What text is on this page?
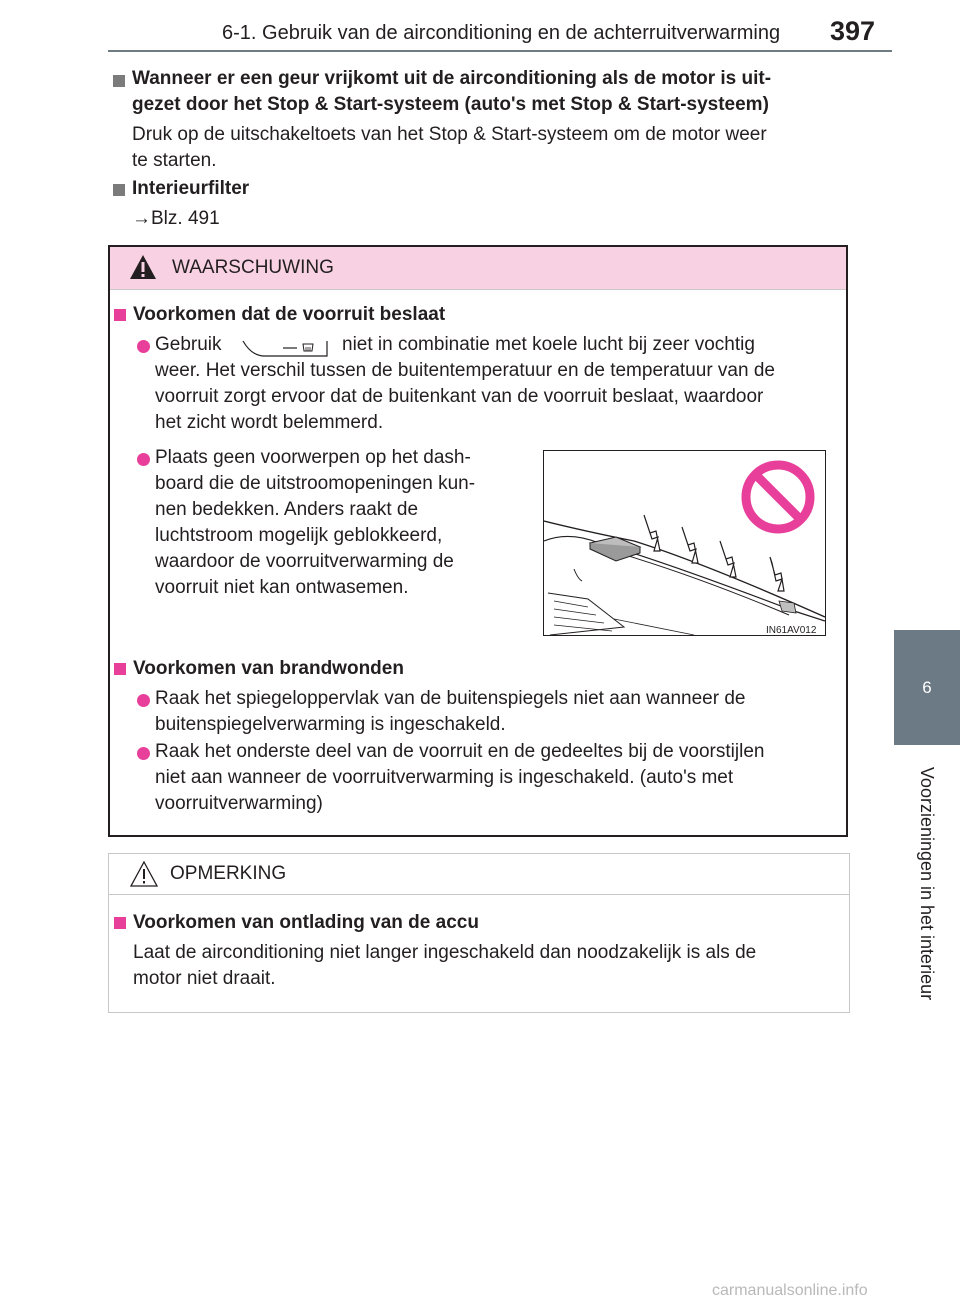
6-1. Gebruik van de airconditioning en de achterruitverwarming 397
6
Voorzieningen in het interieur
Wanneer er een geur vrijkomt uit de airconditioning als de motor is uit-
gezet door het Stop & Start-systeem (auto's met Stop & Start-systeem)
Druk op de uitschakeltoets van het Stop & Start-systeem om de motor weer
te starten.
Interieurfilter
→Blz. 491
WAARSCHUWING
Voorkomen dat de voorruit beslaat
Gebruik	niet in combinatie met koele lucht bij zeer vochtig
weer. Het verschil tussen de buitentemperatuur en de temperatuur van de
voorruit zorgt ervoor dat de buitenkant van de voorruit beslaat, waardoor
het zicht wordt belemmerd.
Plaats geen voorwerpen op het dash-
board die de uitstroomopeningen kun-
nen bedekken. Anders raakt de
luchtstroom mogelijk geblokkeerd,
waardoor de voorruitverwarming de
voorruit niet kan ontwasemen.
IN61AV012
Voorkomen van brandwonden
Raak het spiegeloppervlak van de buitenspiegels niet aan wanneer de
buitenspiegelverwarming is ingeschakeld.
Raak het onderste deel van de voorruit en de gedeeltes bij de voorstijlen
niet aan wanneer de voorruitverwarming is ingeschakeld. (auto's met
voorruitverwarming)
OPMERKING
Voorkomen van ontlading van de accu
Laat de airconditioning niet langer ingeschakeld dan noodzakelijk is als de
motor niet draait.
carmanualsonline.info
